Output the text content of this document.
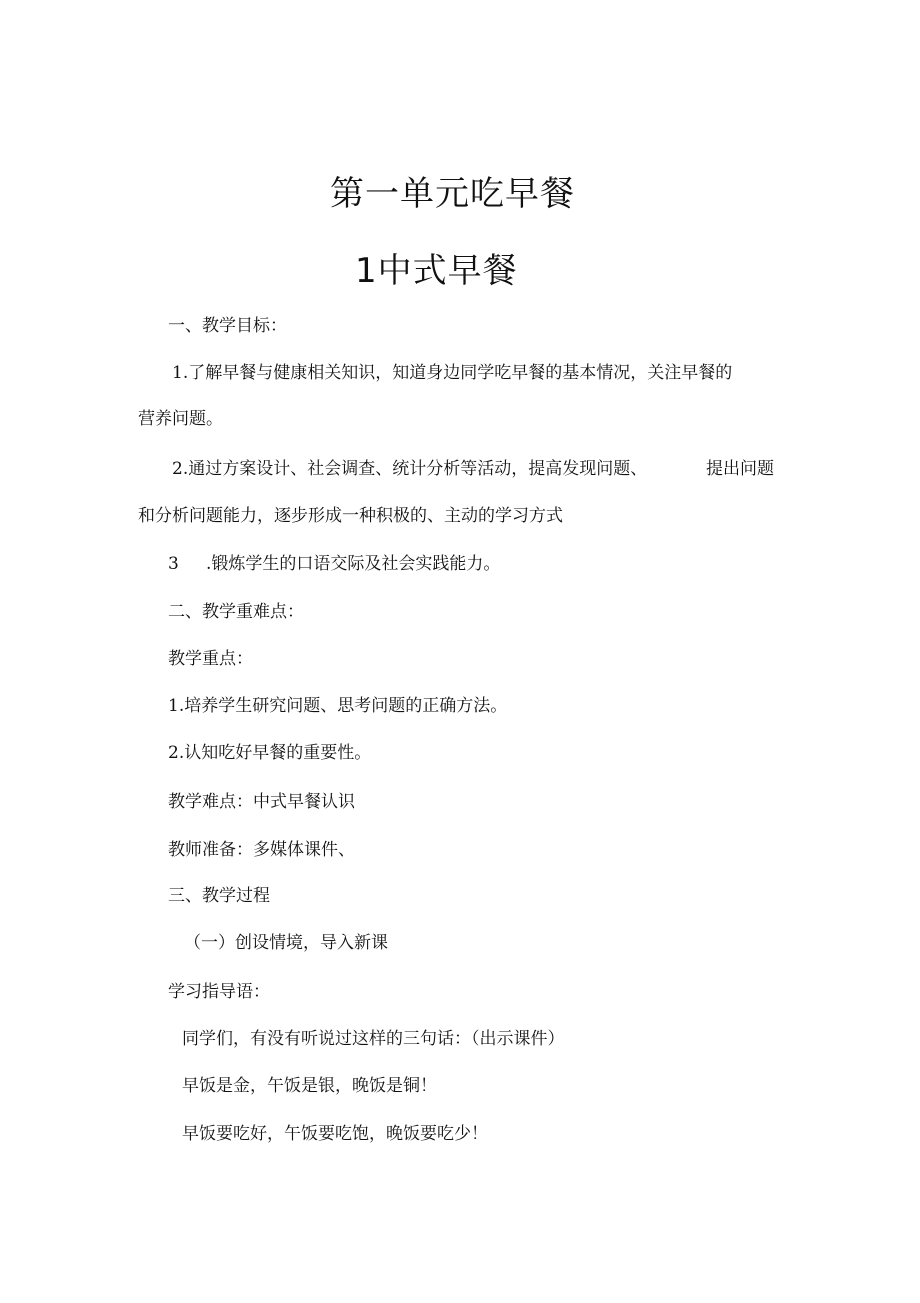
第一单元吃早餐
1中式早餐
一、教学目标：
1.了解早餐与健康相关知识，知道身边同学吃早餐的基本情况，关注早餐的
营养问题。
2.通过方案设计、社会调查、统计分析等活动，提高发现问题、	提出问题
和分析问题能力，逐步形成一种积极的、主动的学习方式
3 .锻炼学生的口语交际及社会实践能力。
二、教学重难点：
教学重点：
1.培养学生研究问题、思考问题的正确方法。
2.认知吃好早餐的重要性。
教学难点：中式早餐认识
教师准备：多媒体课件、
三、教学过程
（一）创设情境，导入新课
学习指导语：
同学们，有没有听说过这样的三句话：（出示课件）
早饭是金，午饭是银，晚饭是铜！
早饭要吃好，午饭要吃饱，晚饭要吃少！
